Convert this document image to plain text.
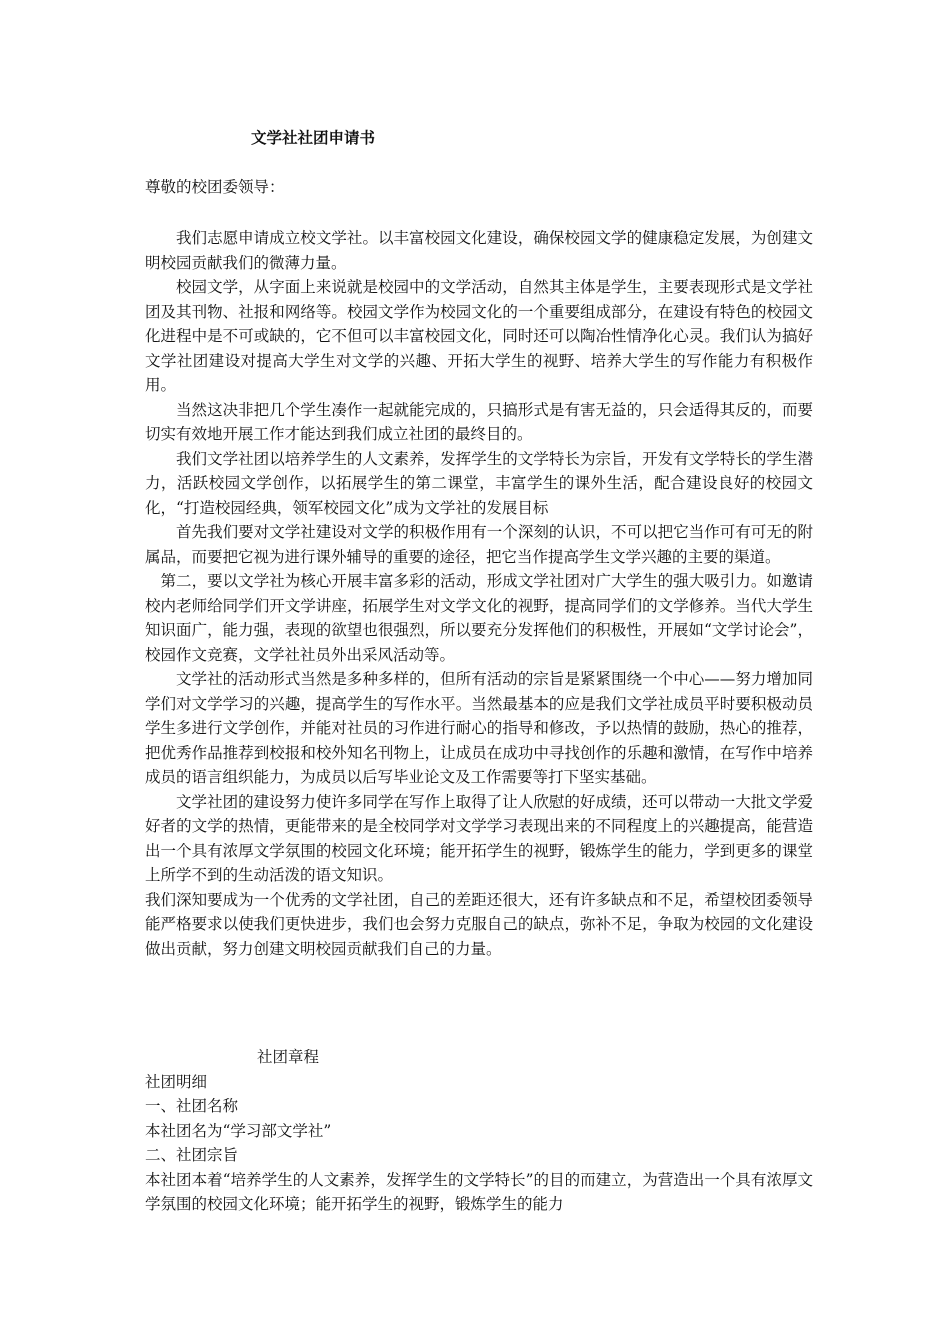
文学社社团申请书
尊敬的校团委领导：

我们志愿申请成立校文学社。以丰富校园文化建设，确保校园文学的健康稳定发展，为创建文明校园贡献我们的微薄力量。

校园文学，从字面上来说就是校园中的文学活动，自然其主体是学生，主要表现形式是文学社团及其刊物、社报和网络等。校园文学作为校园文化的一个重要组成部分，在建设有特色的校园文化进程中是不可或缺的，它不但可以丰富校园文化，同时还可以陶冶性情净化心灵。我们认为搞好文学社团建设对提高大学生对文学的兴趣、开拓大学生的视野、培养大学生的写作能力有积极作用。

当然这决非把几个学生凑作一起就能完成的，只搞形式是有害无益的，只会适得其反的，而要切实有效地开展工作才能达到我们成立社团的最终目的。

我们文学社团以培养学生的人文素养，发挥学生的文学特长为宗旨，开发有文学特长的学生潜力，活跃校园文学创作，以拓展学生的第二课堂，丰富学生的课外生活，配合建设良好的校园文化，“打造校园经典，领军校园文化”成为文学社的发展目标

首先我们要对文学社建设对文学的积极作用有一个深刻的认识，不可以把它当作可有可无的附属品，而要把它视为进行课外辅导的重要的途径，把它当作提高学生文学兴趣的主要的渠道。

第二，要以文学社为核心开展丰富多彩的活动，形成文学社团对广大学生的强大吸引力。如邀请校内老师给同学们开文学讲座，拓展学生对文学文化的视野，提高同学们的文学修养。当代大学生知识面广，能力强，表现的欲望也很强烈，所以要充分发挥他们的积极性，开展如“文学讨论会”，校园作文竞赛，文学社社员外出采风活动等。

文学社的活动形式当然是多种多样的，但所有活动的宗旨是紧紧围绕一个中心——努力增加同学们对文学学习的兴趣，提高学生的写作水平。当然最基本的应是我们文学社成员平时要积极动员学生多进行文学创作，并能对社员的习作进行耐心的指导和修改，予以热情的鼓励，热心的推荐，把优秀作品推荐到校报和校外知名刊物上，让成员在成功中寻找创作的乐趣和激情，在写作中培养成员的语言组织能力，为成员以后写毕业论文及工作需要等打下坚实基础。

文学社团的建设努力使许多同学在写作上取得了让人欣慰的好成绩，还可以带动一大批文学爱好者的文学的热情，更能带来的是全校同学对文学学习表现出来的不同程度上的兴趣提高，能营造出一个具有浓厚文学氛围的校园文化环境；能开拓学生的视野，锻炼学生的能力，学到更多的课堂上所学不到的生动活泼的语文知识。

我们深知要成为一个优秀的文学社团，自己的差距还很大，还有许多缺点和不足，希望校团委领导能严格要求以使我们更快进步，我们也会努力克服自己的缺点，弥补不足，争取为校园的文化建设做出贡献，努力创建文明校园贡献我们自己的力量。

社团章程

社团明细

一、社团名称

本社团名为“学习部文学社”

二、社团宗旨

本社团本着“培养学生的人文素养，发挥学生的文学特长”的目的而建立，为营造出一个具有浓厚文学氛围的校园文化环境；能开拓学生的视野，锻炼学生的能力
